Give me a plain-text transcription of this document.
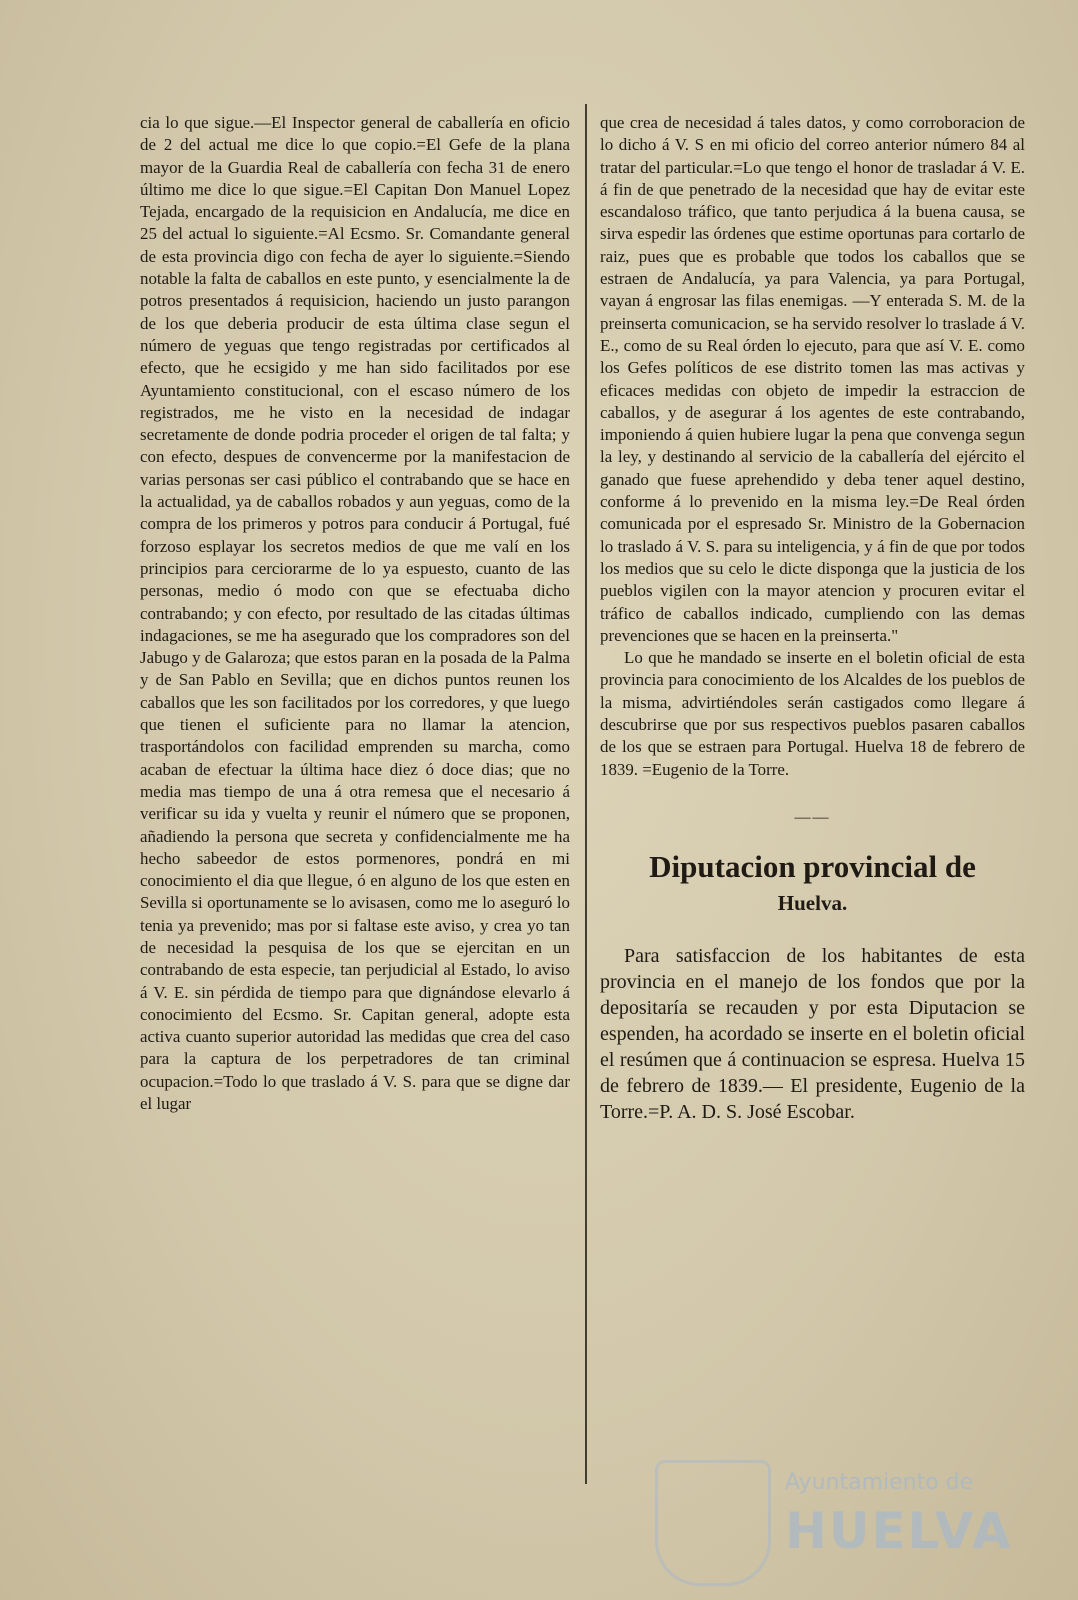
cia lo que sigue.—El Inspector general de caballería en oficio de 2 del actual me dice lo que copio.=El Gefe de la plana mayor de la Guardia Real de caballería con fecha 31 de enero último me dice lo que sigue.=El Capitan Don Manuel Lopez Tejada, encargado de la requisicion en Andalucía, me dice en 25 del actual lo siguiente.=Al Ecsmo. Sr. Comandante general de esta provincia digo con fecha de ayer lo siguiente.=Siendo notable la falta de caballos en este punto, y esencialmente la de potros presentados á requisicion, haciendo un justo parangon de los que deberia producir de esta última clase segun el número de yeguas que tengo registradas por certificados al efecto, que he ecsigido y me han sido facilitados por ese Ayuntamiento constitucional, con el escaso número de los registrados, me he visto en la necesidad de indagar secretamente de donde podria proceder el origen de tal falta; y con efecto, despues de convencerme por la manifestacion de varias personas ser casi público el contrabando que se hace en la actualidad, ya de caballos robados y aun yeguas, como de la compra de los primeros y potros para conducir á Portugal, fué forzoso esplayar los secretos medios de que me valí en los principios para cerciorarme de lo ya espuesto, cuanto de las personas, medio ó modo con que se efectuaba dicho contrabando; y con efecto, por resultado de las citadas últimas indagaciones, se me ha asegurado que los compradores son del Jabugo y de Galaroza; que estos paran en la posada de la Palma y de San Pablo en Sevilla; que en dichos puntos reunen los caballos que les son facilitados por los corredores, y que luego que tienen el suficiente para no llamar la atencion, trasportándolos con facilidad emprenden su marcha, como acaban de efectuar la última hace diez ó doce dias; que no media mas tiempo de una á otra remesa que el necesario á verificar su ida y vuelta y reunir el número que se proponen, añadiendo la persona que secreta y confidencialmente me ha hecho sabeedor de estos pormenores, pondrá en mi conocimiento el dia que llegue, ó en alguno de los que esten en Sevilla si oportunamente se lo avisasen, como me lo aseguró lo tenia ya prevenido; mas por si faltase este aviso, y crea yo tan de necesidad la pesquisa de los que se ejercitan en un contrabando de esta especie, tan perjudicial al Estado, lo aviso á V. E. sin pérdida de tiempo para que dignándose elevarlo á conocimiento del Ecsmo. Sr. Capitan general, adopte esta activa cuanto superior autoridad las medidas que crea del caso para la captura de los perpetradores de tan criminal ocupacion.=Todo lo que traslado á V. S. para que se digne dar el lugar

que crea de necesidad á tales datos, y como corroboracion de lo dicho á V. S en mi oficio del correo anterior número 84 al tratar del particular.=Lo que tengo el honor de trasladar á V. E. á fin de que penetrado de la necesidad que hay de evitar este escandaloso tráfico, que tanto perjudica á la buena causa, se sirva espedir las órdenes que estime oportunas para cortarlo de raiz, pues que es probable que todos los caballos que se estraen de Andalucía, ya para Valencia, ya para Portugal, vayan á engrosar las filas enemigas. —Y enterada S. M. de la preinserta comunicacion, se ha servido resolver lo traslade á V. E., como de su Real órden lo ejecuto, para que así V. E. como los Gefes políticos de ese distrito tomen las mas activas y eficaces medidas con objeto de impedir la estraccion de caballos, y de asegurar á los agentes de este contrabando, imponiendo á quien hubiere lugar la pena que convenga segun la ley, y destinando al servicio de la caballería del ejército el ganado que fuese aprehendido y deba tener aquel destino, conforme á lo prevenido en la misma ley.=De Real órden comunicada por el espresado Sr. Ministro de la Gobernacion lo traslado á V. S. para su inteligencia, y á fin de que por todos los medios que su celo le dicte disponga que la justicia de los pueblos vigilen con la mayor atencion y procuren evitar el tráfico de caballos indicado, cumpliendo con las demas prevenciones que se hacen en la preinserta."

Lo que he mandado se inserte en el boletin oficial de esta provincia para conocimiento de los Alcaldes de los pueblos de la misma, advirtiéndoles serán castigados como llegare á descubrirse que por sus respectivos pueblos pasaren caballos de los que se estraen para Portugal. Huelva 18 de febrero de 1839. =Eugenio de la Torre.

——
Diputacion provincial de
Huelva.

Para satisfaccion de los habitantes de esta provincia en el manejo de los fondos que por la depositaría se recauden y por esta Diputacion se espenden, ha acordado se inserte en el boletin oficial el resúmen que á continuacion se espresa. Huelva 15 de febrero de 1839.— El presidente, Eugenio de la Torre.=P. A. D. S. José Escobar.

Ayuntamiento de
HUELVA
